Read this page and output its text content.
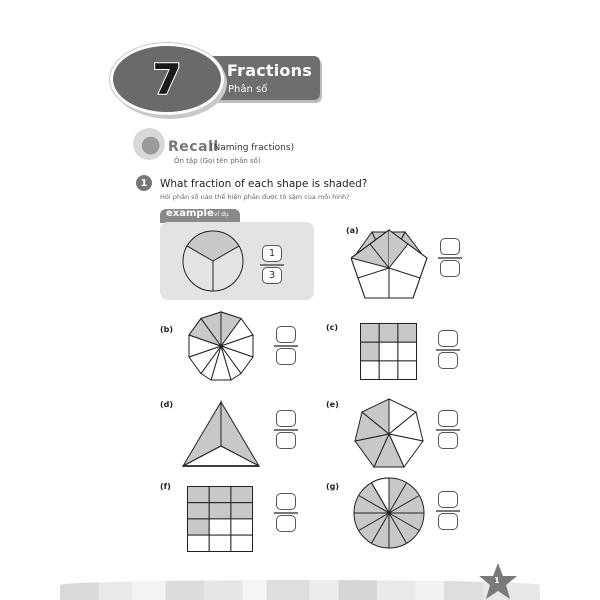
7	Fractions
Phân số
Recall
(Naming fractions)
Ôn tập (Gọi tên phân số)
1 What fraction of each shape is shaded?
Hỏi phân số nào thể hiện phần được tô sậm của mỗi hình?
example ví dụ
1
3
(a)
(b)	(c)
(d)	(e)
(f)	(g)
1
